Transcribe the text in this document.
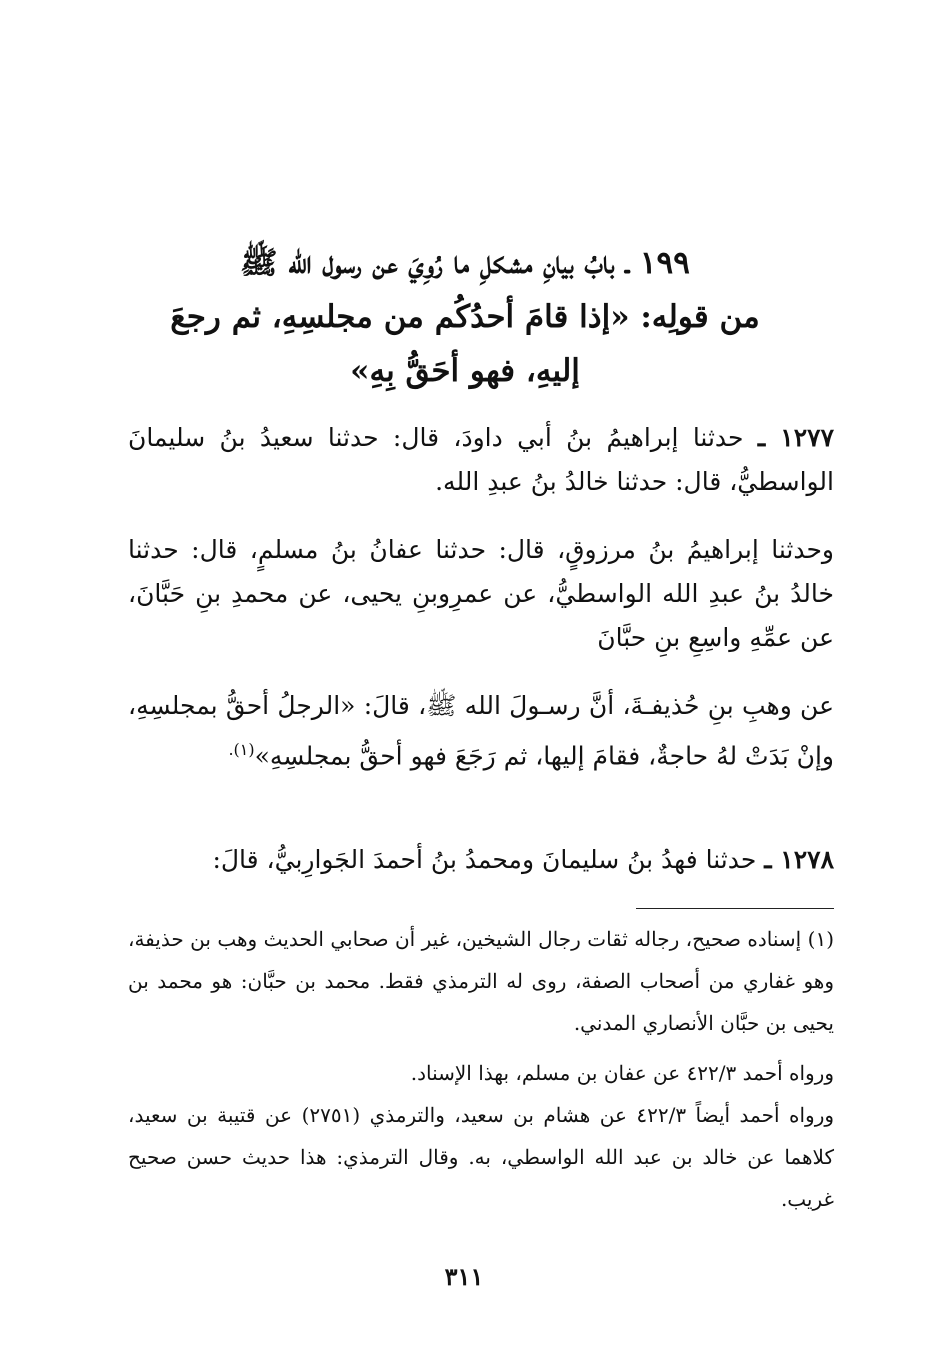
١٩٩ ـ بابُ بيانِ مشكلِ ما رُوِيَ عن رسول الله ﷺ
من قولِه: «إذا قامَ أحدُكُم من مجلسِهِ، ثم رجعَ
إليهِ، فهو أحَقُّ بِهِ»
١٢٧٧ ـ حدثنا إبراهيمُ بنُ أبي داودَ، قال: حدثنا سعيدُ بنُ سليمانَ الواسطيُّ، قال: حدثنا خالدُ بنُ عبدِ الله.
وحدثنا إبراهيمُ بنُ مرزوقٍ، قال: حدثنا عفانُ بنُ مسلمٍ، قال: حدثنا خالدُ بنُ عبدِ الله الواسطيُّ، عن عمرِوبنِ يحيى، عن محمدِ بنِ حَبَّانَ، عن عمِّهِ واسِعِ بنِ حبَّانَ
عن وهبِ بنِ حُذيفـةَ، أنَّ رسـولَ الله ﷺ، قالَ: «الرجلُ أحقُّ بمجلسِهِ، وإنْ بَدَتْ لهُ حاجةٌ، فقامَ إليها، ثم رَجَعَ فهو أحقُّ بمجلسِهِ»$^{(١).}$
١٢٧٨ ـ حدثنا فهدُ بنُ سليمانَ ومحمدُ بنُ أحمدَ الجَوارِبيُّ، قالَ:
(١) إسناده صحيح، رجاله ثقات رجال الشيخين، غير أن صحابي الحديث وهب بن حذيفة، وهو غفاري من أصحاب الصفة، روى له الترمذي فقط. محمد بن حبَّان: هو محمد بن يحيى بن حبَّان الأنصاري المدني.
ورواه أحمد ٤٢٢/٣ عن عفان بن مسلم، بهذا الإسناد.
ورواه أحمد أيضاً ٤٢٢/٣ عن هشام بن سعيد، والترمذي (٢٧٥١) عن قتيبة بن سعيد، كلاهما عن خالد بن عبد الله الواسطي، به. وقال الترمذي: هذا حديث حسن صحيح غريب.
٣١١
